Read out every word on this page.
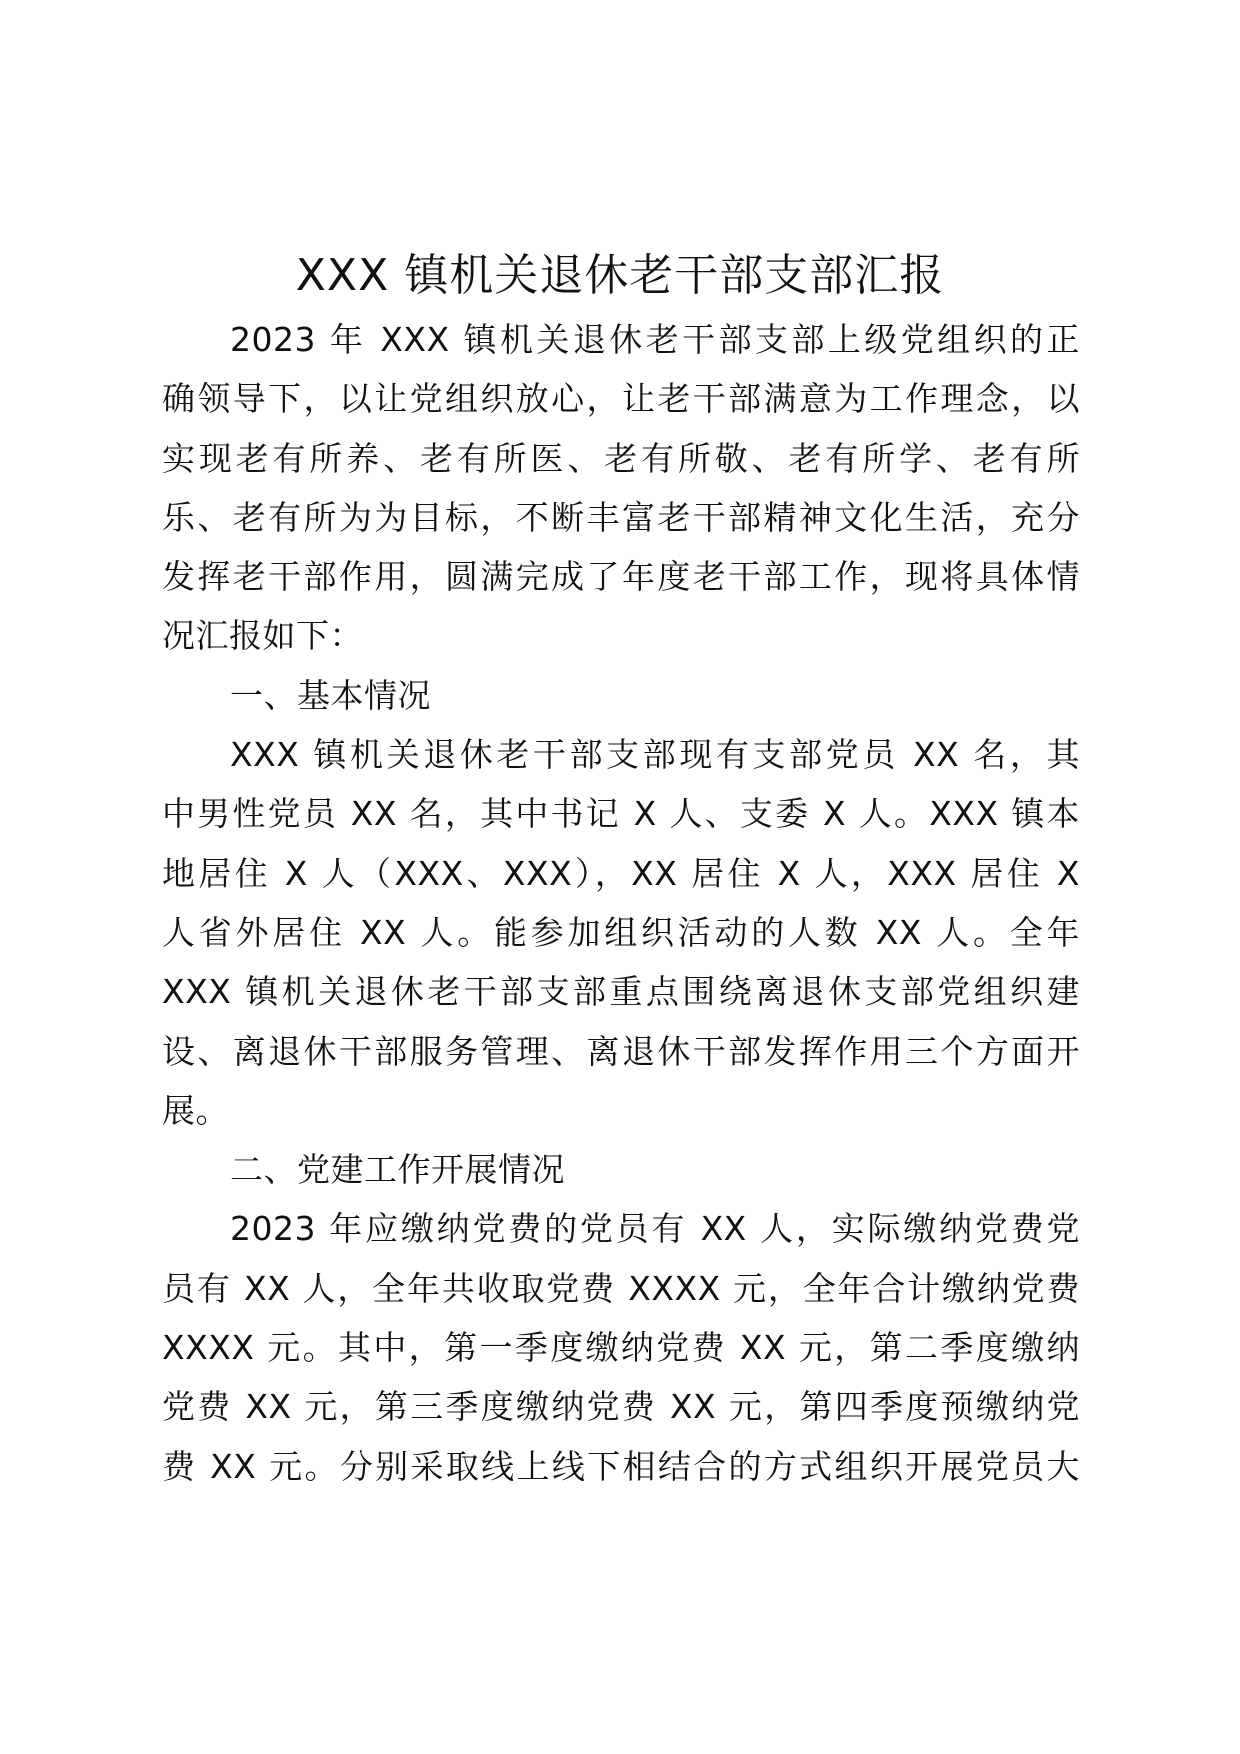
XXX 镇机关退休老干部支部汇报
2023 年 XXX 镇机关退休老干部支部上级党组织的正
确领导下，以让党组织放心，让老干部满意为工作理念，以
实现老有所养、老有所医、老有所敬、老有所学、老有所
乐、老有所为为目标，不断丰富老干部精神文化生活，充分
发挥老干部作用，圆满完成了年度老干部工作，现将具体情
况汇报如下：
一、基本情况
XXX 镇机关退休老干部支部现有支部党员 XX 名，其
中男性党员 XX 名，其中书记 X 人、支委 X 人。XXX 镇本
地居住 X 人（XXX、XXX），XX 居住 X 人，XXX 居住 X
人省外居住 XX 人。能参加组织活动的人数 XX 人。全年
XXX 镇机关退休老干部支部重点围绕离退休支部党组织建
设、离退休干部服务管理、离退休干部发挥作用三个方面开
展。
二、党建工作开展情况
2023 年应缴纳党费的党员有 XX 人，实际缴纳党费党
员有 XX 人，全年共收取党费 XXXX 元，全年合计缴纳党费
XXXX 元。其中，第一季度缴纳党费 XX 元，第二季度缴纳
党费 XX 元，第三季度缴纳党费 XX 元，第四季度预缴纳党
费 XX 元。分别采取线上线下相结合的方式组织开展党员大
